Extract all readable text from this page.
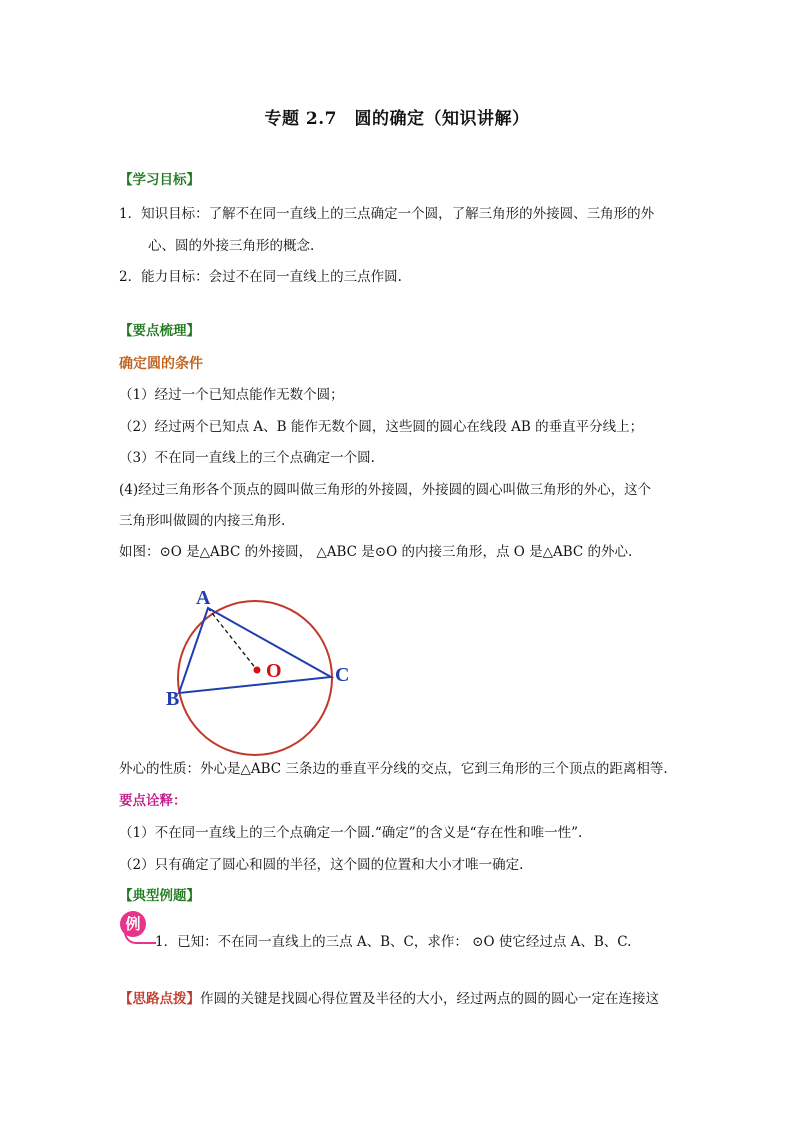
专题 2.7　圆的确定（知识讲解）
【学习目标】
1．知识目标：了解不在同一直线上的三点确定一个圆，了解三角形的外接圆、三角形的外
心、圆的外接三角形的概念.
2．能力目标：会过不在同一直线上的三点作圆.
【要点梳理】
确定圆的条件
（1）经过一个已知点能作无数个圆；
（2）经过两个已知点 A、B 能作无数个圆，这些圆的圆心在线段 AB 的垂直平分线上；
（3）不在同一直线上的三个点确定一个圆.
(4)经过三角形各个顶点的圆叫做三角形的外接圆，外接圆的圆心叫做三角形的外心，这个
三角形叫做圆的内接三角形.
如图：⊙O 是△ABC 的外接圆， △ABC 是⊙O 的内接三角形，点 O 是△ABC 的外心.
A
B
C
O
外心的性质：外心是△ABC 三条边的垂直平分线的交点，它到三角形的三个顶点的距离相等.
要点诠释：
（1）不在同一直线上的三个点确定一个圆.“确定”的含义是“存在性和唯一性”.
（2）只有确定了圆心和圆的半径，这个圆的位置和大小才唯一确定.
【典型例题】
例
1．已知：不在同一直线上的三点 A、B、C，求作： ⊙O 使它经过点 A、B、C.
【思路点拨】作圆的关键是找圆心得位置及半径的大小，经过两点的圆的圆心一定在连接这
